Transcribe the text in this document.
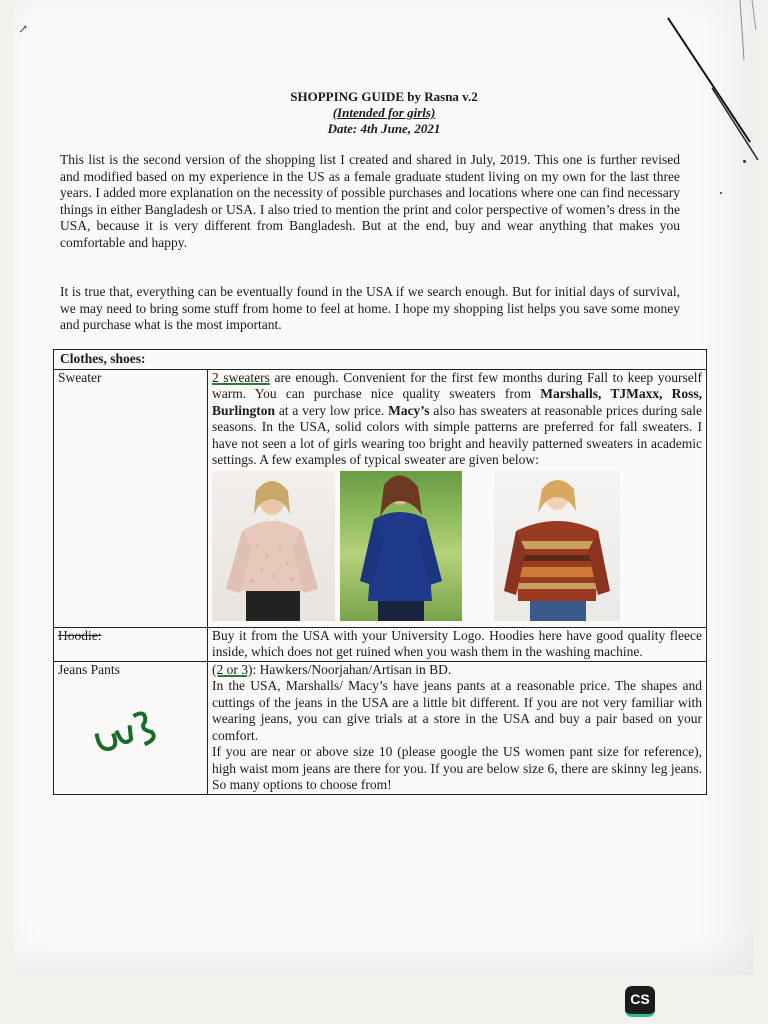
↗
SHOPPING GUIDE by Rasna v.2
(Intended for girls)
Date: 4th June, 2021
This list is the second version of the shopping list I created and shared in July, 2019. This one is further revised and modified based on my experience in the US as a female graduate student living on my own for the last three years. I added more explanation on the necessity of possible purchases and locations where one can find necessary things in either Bangladesh or USA. I also tried to mention the print and color perspective of women’s dress in the USA, because it is very different from Bangladesh. But at the end, buy and wear anything that makes you comfortable and happy.
It is true that, everything can be eventually found in the USA if we search enough. But for initial days of survival, we may need to bring some stuff from home to feel at home. I hope my shopping list helps you save some money and purchase what is the most important.
Clothes, shoes:	
Sweater	2 sweaters are enough. Convenient for the first few months during Fall to keep yourself warm. You can purchase nice quality sweaters from Marshalls, TJMaxx, Ross, Burlington at a very low price. Macy’s also has sweaters at reasonable prices during sale seasons. In the USA, solid colors with simple patterns are preferred for fall sweaters. I have not seen a lot of girls wearing too bright and heavily patterned sweaters in academic settings. A few examples of typical sweater are given below:

Hoodie:	Buy it from the USA with your University Logo. Hoodies here have good quality fleece inside, which does not get ruined when you wash them in the washing machine.
Jeans Pants	(2 or 3): Hawkers/Noorjahan/Artisan in BD.
In the USA, Marshalls/ Macy’s have jeans pants at a reasonable price. The shapes and cuttings of the jeans in the USA are a little bit different. If you are not very familiar with wearing jeans, you can give trials at a store in the USA and buy a pair based on your comfort.
If you are near or above size 10 (please google the US women pant size for reference), high waist mom jeans are there for you. If you are below size 6, there are skinny leg jeans. So many options to choose from!
CS
